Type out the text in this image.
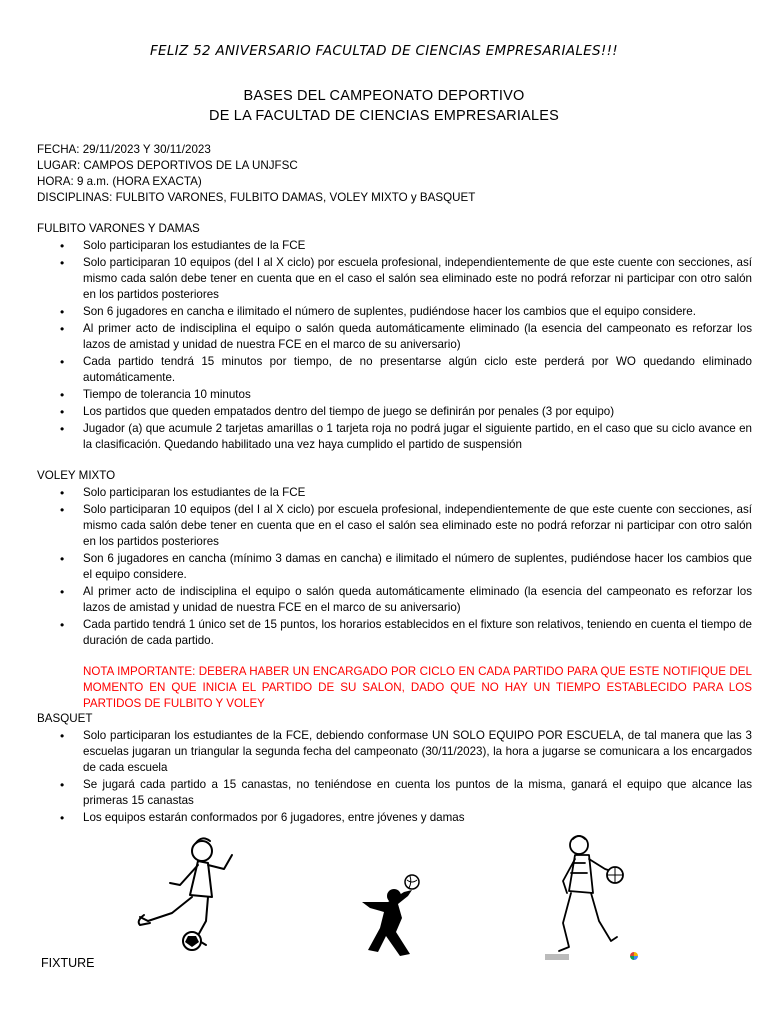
FELIZ 52 ANIVERSARIO FACULTAD DE CIENCIAS EMPRESARIALES!!!
BASES DEL CAMPEONATO DEPORTIVO
DE LA FACULTAD DE CIENCIAS EMPRESARIALES
FECHA: 29/11/2023 Y 30/11/2023
LUGAR: CAMPOS DEPORTIVOS DE LA UNJFSC
HORA: 9 a.m. (HORA EXACTA)
DISCIPLINAS: FULBITO VARONES, FULBITO DAMAS, VOLEY MIXTO y BASQUET
FULBITO VARONES Y DAMAS
• Solo participaran los estudiantes de la FCE
• Solo participaran 10 equipos (del I al X ciclo) por escuela profesional, independientemente de que este cuente con secciones, así mismo cada salón debe tener en cuenta que en el caso el salón sea eliminado este no podrá reforzar ni participar con otro salón en los partidos posteriores
• Son 6 jugadores en cancha e ilimitado el número de suplentes, pudiéndose hacer los cambios que el equipo considere.
• Al primer acto de indisciplina el equipo o salón queda automáticamente eliminado (la esencia del campeonato es reforzar los lazos de amistad y unidad de nuestra FCE en el marco de su aniversario)
• Cada partido tendrá 15 minutos por tiempo, de no presentarse algún ciclo este perderá por WO quedando eliminado automáticamente.
• Tiempo de tolerancia 10 minutos
• Los partidos que queden empatados dentro del tiempo de juego se definirán por penales (3 por equipo)
• Jugador (a) que acumule 2 tarjetas amarillas o 1 tarjeta roja no podrá jugar el siguiente partido, en el caso que su ciclo avance en la clasificación. Quedando habilitado una vez haya cumplido el partido de suspensión
VOLEY MIXTO
• Solo participaran los estudiantes de la FCE
• Solo participaran 10 equipos (del I al X ciclo) por escuela profesional, independientemente de que este cuente con secciones, así mismo cada salón debe tener en cuenta que en el caso el salón sea eliminado este no podrá reforzar ni participar con otro salón en los partidos posteriores
• Son 6 jugadores en cancha (mínimo 3 damas en cancha) e ilimitado el número de suplentes, pudiéndose hacer los cambios que el equipo considere.
• Al primer acto de indisciplina el equipo o salón queda automáticamente eliminado (la esencia del campeonato es reforzar los lazos de amistad y unidad de nuestra FCE en el marco de su aniversario)
• Cada partido tendrá 1 único set de 15 puntos, los horarios establecidos en el fixture son relativos, teniendo en cuenta el tiempo de duración de cada partido.
NOTA IMPORTANTE: DEBERA HABER UN ENCARGADO POR CICLO EN CADA PARTIDO PARA QUE ESTE NOTIFIQUE DEL MOMENTO EN QUE INICIA EL PARTIDO DE SU SALON, DADO QUE NO HAY UN TIEMPO ESTABLECIDO PARA LOS PARTIDOS DE FULBITO Y VOLEY
BASQUET
• Solo participaran los estudiantes de la FCE, debiendo conformase UN SOLO EQUIPO POR ESCUELA, de tal manera que las 3 escuelas jugaran un triangular la segunda fecha del campeonato (30/11/2023), la hora a jugarse se comunicara a los encargados de cada escuela
• Se jugará cada partido a 15 canastas, no teniéndose en cuenta los puntos de la misma, ganará el equipo que alcance las primeras 15 canastas
• Los equipos estarán conformados por 6 jugadores, entre jóvenes y damas
FIXTURE
